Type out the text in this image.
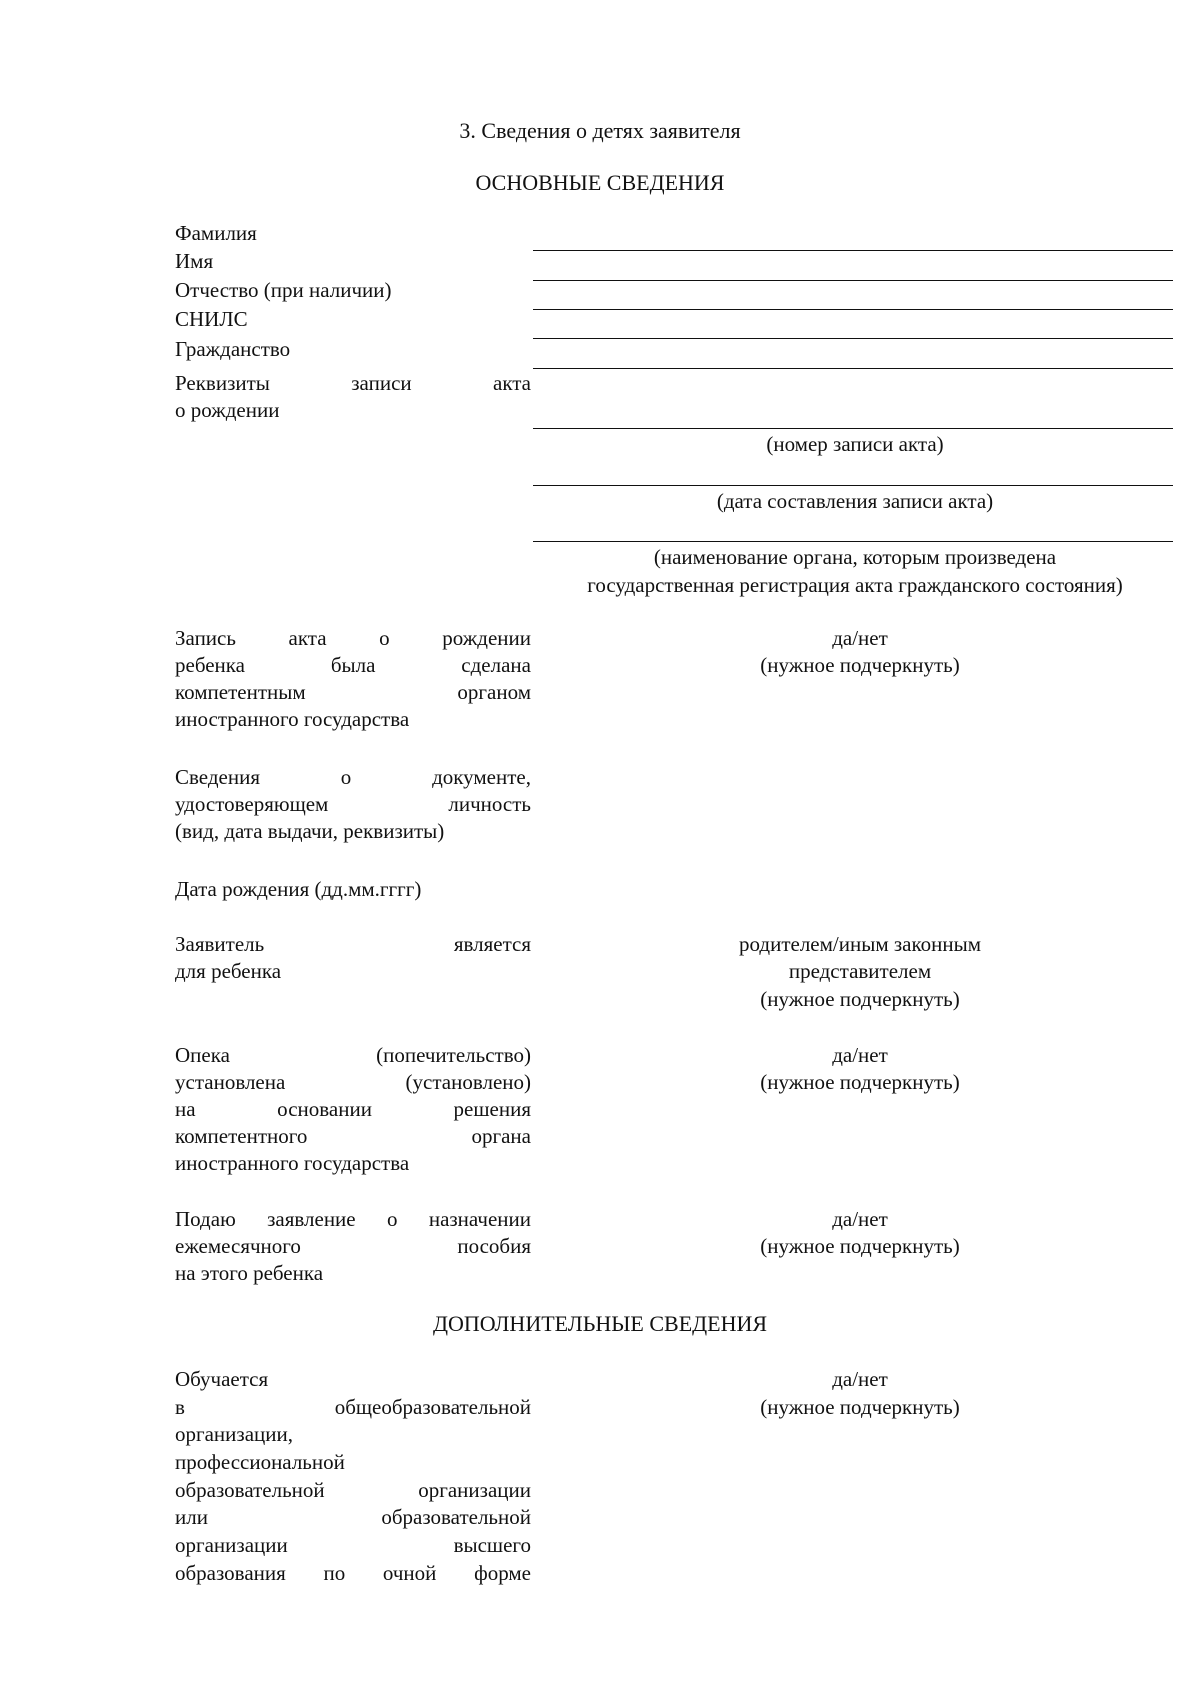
3. Сведения о детях заявителя
ОСНОВНЫЕ СВЕДЕНИЯ
Фамилия
Имя
Отчество (при наличии)
СНИЛС
Гражданство
Реквизиты записи акта
о рождении
(номер записи акта)
(дата составления записи акта)
(наименование органа, которым произведена
государственная регистрация акта гражданского состояния)
Запись акта о рождении
ребенка была сделана
компетентным органом
иностранного государства
да/нет
(нужное подчеркнуть)
Сведения о документе,
удостоверяющем личность
(вид, дата выдачи, реквизиты)
Дата рождения (дд.мм.гггг)
Заявитель является
для ребенка
родителем/иным законным
представителем
(нужное подчеркнуть)
Опека (попечительство)
установлена (установлено)
на основании решения
компетентного органа
иностранного государства
да/нет
(нужное подчеркнуть)
Подаю заявление о назначении
ежемесячного пособия
на этого ребенка
да/нет
(нужное подчеркнуть)
ДОПОЛНИТЕЛЬНЫЕ СВЕДЕНИЯ
Обучается
в общеобразовательной
организации,
профессиональной
образовательной организации
или образовательной
организации высшего
образования по очной форме
да/нет
(нужное подчеркнуть)
